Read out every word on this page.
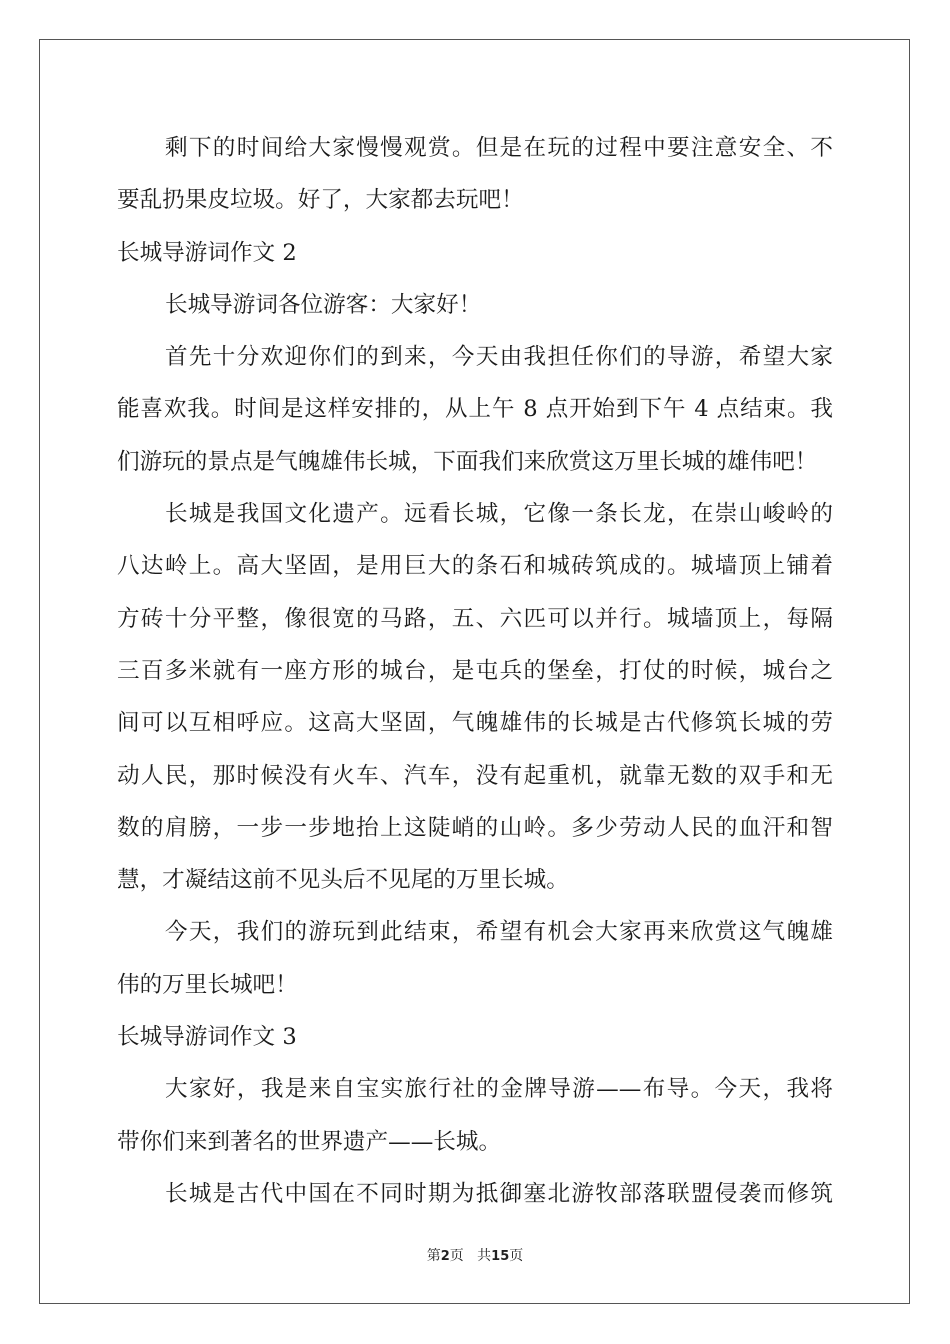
剩下的时间给大家慢慢观赏。但是在玩的过程中要注意安全、不
要乱扔果皮垃圾。好了，大家都去玩吧！
长城导游词作文 2
长城导游词各位游客：大家好！
首先十分欢迎你们的到来，今天由我担任你们的导游，希望大家
能喜欢我。时间是这样安排的，从上午 8 点开始到下午 4 点结束。我
们游玩的景点是气魄雄伟长城，下面我们来欣赏这万里长城的雄伟吧！
长城是我国文化遗产。远看长城，它像一条长龙，在崇山峻岭的
八达岭上。高大坚固，是用巨大的条石和城砖筑成的。城墙顶上铺着
方砖十分平整，像很宽的马路，五、六匹可以并行。城墙顶上，每隔
三百多米就有一座方形的城台，是屯兵的堡垒，打仗的时候，城台之
间可以互相呼应。这高大坚固，气魄雄伟的长城是古代修筑长城的劳
动人民，那时候没有火车、汽车，没有起重机，就靠无数的双手和无
数的肩膀，一步一步地抬上这陡峭的山岭。多少劳动人民的血汗和智
慧，才凝结这前不见头后不见尾的万里长城。
今天，我们的游玩到此结束，希望有机会大家再来欣赏这气魄雄
伟的万里长城吧！
长城导游词作文 3
大家好，我是来自宝实旅行社的金牌导游——布导。今天，我将
带你们来到著名的世界遗产——长城。
长城是古代中国在不同时期为抵御塞北游牧部落联盟侵袭而修筑
第2页 共15页
